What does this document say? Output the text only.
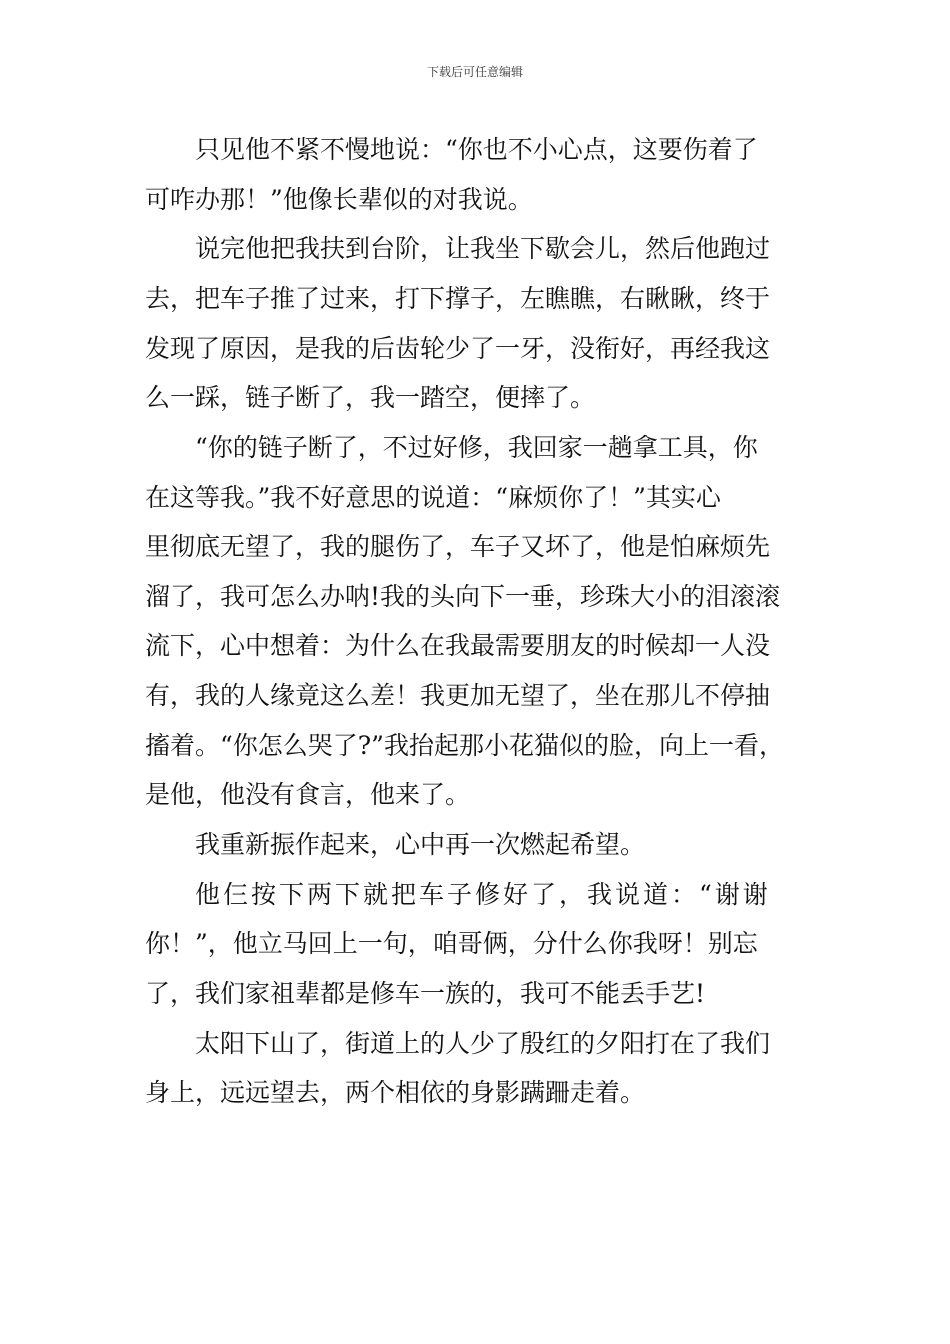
下载后可任意编辑
只见他不紧不慢地说：“你也不小心点，这要伤着了
可咋办那！”他像长辈似的对我说。
说完他把我扶到台阶，让我坐下歇会儿，然后他跑过
去，把车子推了过来，打下撑子，左瞧瞧，右瞅瞅，终于
发现了原因，是我的后齿轮少了一牙，没衔好，再经我这
么一踩，链子断了，我一踏空，便摔了。
“你的链子断了，不过好修，我回家一趟拿工具，你
在这等我。”我不好意思的说道：“麻烦你了！”其实心
里彻底无望了，我的腿伤了，车子又坏了，他是怕麻烦先
溜了，我可怎么办呐!我的头向下一垂，珍珠大小的泪滚滚
流下，心中想着：为什么在我最需要朋友的时候却一人没
有，我的人缘竟这么差！我更加无望了，坐在那儿不停抽
搐着。“你怎么哭了?”我抬起那小花猫似的脸，向上一看，
是他，他没有食言，他来了。
我重新振作起来，心中再一次燃起希望。
他仨按下两下就把车子修好了，我说道：“谢谢
你！”，他立马回上一句，咱哥俩，分什么你我呀！别忘
了，我们家祖辈都是修车一族的，我可不能丢手艺!
太阳下山了，街道上的人少了殷红的夕阳打在了我们
身上，远远望去，两个相依的身影蹒跚走着。
